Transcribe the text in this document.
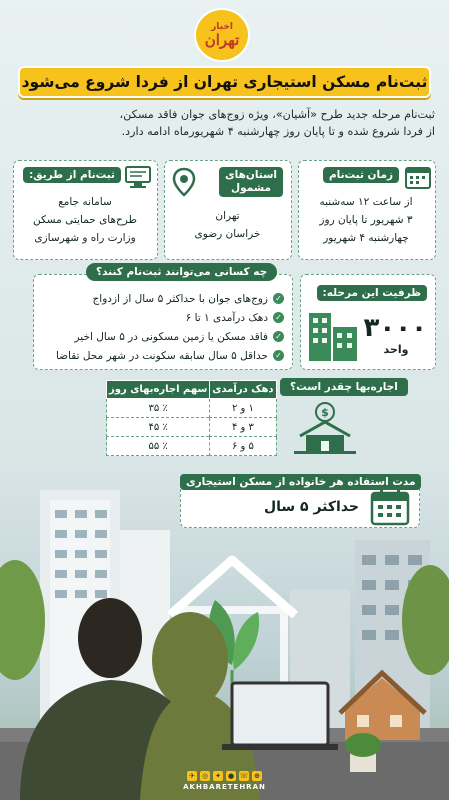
اخبار
تهران
ثبت‌نام مسکن استیجاری تهران از فردا شروع می‌شود
ثبت‌نام مرحله جدید طرح «آشیان»، ویژه زوج‌های جوان فاقد مسکن،
از فردا شروع شده و تا پایان روز چهارشنبه ۴ شهریورماه ادامه دارد.
زمان ثبت‌نام
از ساعت ۱۲ سه‌شنبه
۳ شهریور تا پایان روز
چهارشنبه ۴ شهریور
استان‌های
مشمول
تهران
خراسان رضوی
ثبت‌نام از طریق:
سامانه جامع
طرح‌های حمایتی مسکن
وزارت راه و شهرسازی
ظرفیت این مرحله:
۳۰۰۰
واحد
✓
زوج‌های جوان با حداکثر ۵ سال از ازدواج
✓
دهک درآمدی ۱ تا ۶
✓
فاقد مسکن یا زمین مسکونی در ۵ سال اخیر
✓
حداقل ۵ سال سابقه سکونت در شهر محل تقاضا
چه کسانی می‌توانند ثبت‌نام کنند؟
اجاره‌بها چقدر است؟
$
دهک درآمدی	سهم اجاره‌بهای روز
۱ و ۲	٪ ۳۵
۳ و ۴	٪ ۴۵
۵ و ۶	٪ ۵۵
حداکثر ۵ سال
مدت استفاده هر خانواده از مسکن استیجاری
✈ ◎ ✦ ● ☏ ⊕
AKHBARETEHRAN
